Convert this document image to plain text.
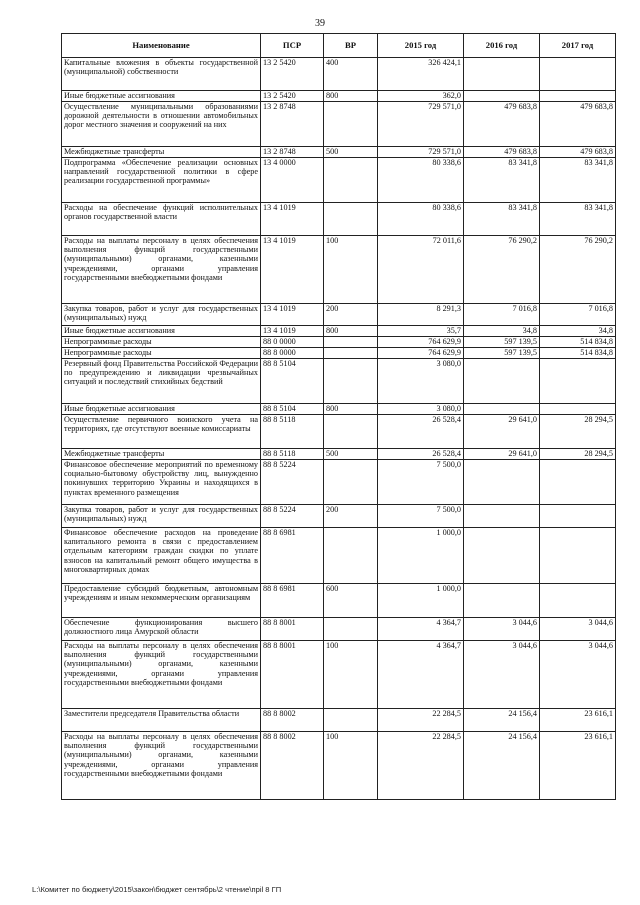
39
Наименование	ПСР	ВР	2015 год	2016 год	2017 год
Капитальные вложения в объекты государственной (муниципальной) собственности	13 2 5420	400	326 424,1		
Иные бюджетные ассигнования	13 2 5420	800	362,0		
Осуществление муниципальными образованиями дорожной деятельности в отношении автомобильных дорог местного значения и сооружений на них	13 2 8748		729 571,0	479 683,8	479 683,8
Межбюджетные трансферты	13 2 8748	500	729 571,0	479 683,8	479 683,8
Подпрограмма «Обеспечение реализации основных направлений государственной политики в сфере реализации государственной программы»	13 4 0000		80 338,6	83 341,8	83 341,8
Расходы на обеспечение функций исполнительных органов государственной власти	13 4 1019		80 338,6	83 341,8	83 341,8
Расходы на выплаты персоналу в целях обеспечения выполнения функций государственными (муниципальными) органами, казенными учреждениями, органами управления государственными внебюджетными фондами	13 4 1019	100	72 011,6	76 290,2	76 290,2
Закупка товаров, работ и услуг для государственных (муниципальных) нужд	13 4 1019	200	8 291,3	7 016,8	7 016,8
Иные бюджетные ассигнования	13 4 1019	800	35,7	34,8	34,8
Непрограммные расходы	88 0 0000		764 629,9	597 139,5	514 834,8
Непрограммные расходы	88 8 0000		764 629,9	597 139,5	514 834,8
Резервный фонд Правительства Российской Федерации по предупреждению и ликвидации чрезвычайных ситуаций и последствий стихийных бедствий	88 8 5104		3 080,0		
Иные бюджетные ассигнования	88 8 5104	800	3 080,0		
Осуществление первичного воинского учета на территориях, где отсутствуют военные комиссариаты	88 8 5118		26 528,4	29 641,0	28 294,5
Межбюджетные трансферты	88 8 5118	500	26 528,4	29 641,0	28 294,5
Финансовое обеспечение мероприятий по временному социально-бытовому обустройству лиц, вынужденно покинувших территорию Украины и находящихся в пунктах временного размещения	88 8 5224		7 500,0		
Закупка товаров, работ и услуг для государственных (муниципальных) нужд	88 8 5224	200	7 500,0		
Финансовое обеспечение расходов на проведение капитального ремонта в связи с предоставлением отдельным категориям граждан скидки по уплате взносов на капитальный ремонт общего имущества в многоквартирных домах	88 8 6981		1 000,0		
Предоставление субсидий бюджетным, автономным учреждениям и иным некоммерческим организациям	88 8 6981	600	1 000,0		
Обеспечение функционирования высшего должностного лица Амурской области	88 8 8001		4 364,7	3 044,6	3 044,6
Расходы на выплаты персоналу в целях обеспечения выполнения функций государственными (муниципальными) органами, казенными учреждениями, органами управления государственными внебюджетными фондами	88 8 8001	100	4 364,7	3 044,6	3 044,6
Заместители председателя Правительства области	88 8 8002		22 284,5	24 156,4	23 616,1
Расходы на выплаты персоналу в целях обеспечения выполнения функций государственными (муниципальными) органами, казенными учреждениями, органами управления государственными внебюджетными фондами	88 8 8002	100	22 284,5	24 156,4	23 616,1
L:\Комитет по бюджету\2015\закон\бюджет сентябрь\2 чтение\прil 8 ГП
